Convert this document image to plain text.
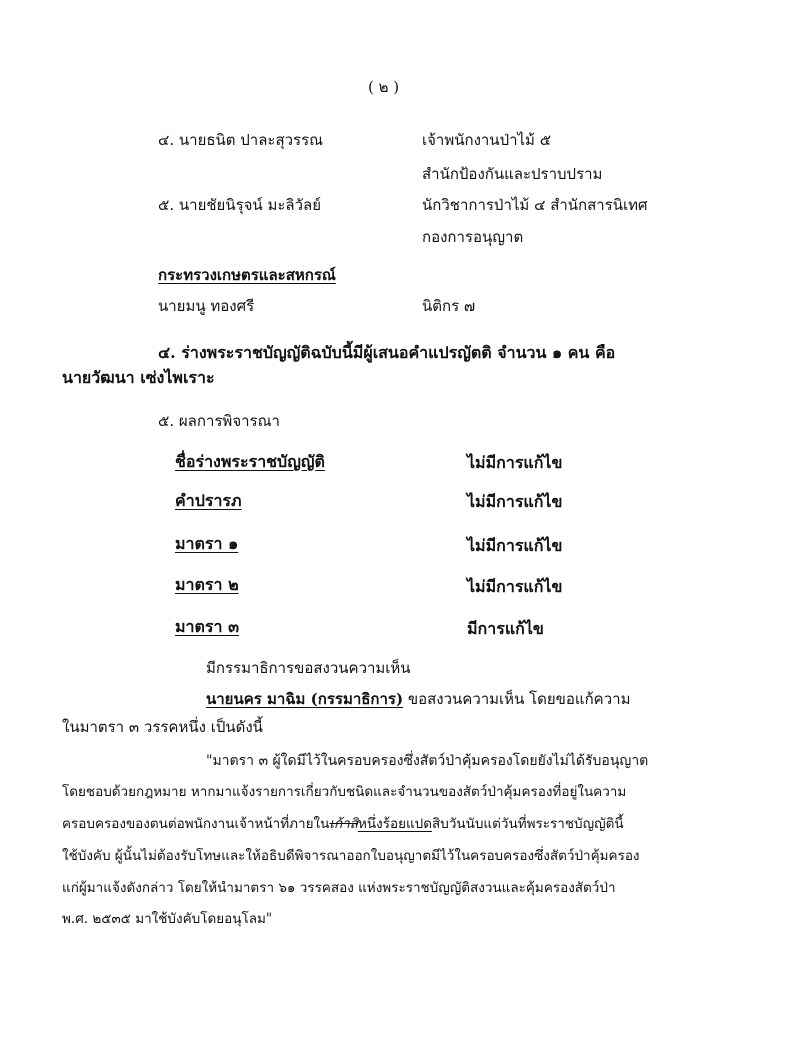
( ๒ )
๔. นายธนิต ปาละสุวรรณ	เจ้าพนักงานป่าไม้ ๕
สำนักป้องกันและปราบปราม
๕. นายชัยนิรุจน์ มะลิวัลย์	นักวิชาการป่าไม้ ๔ สำนักสารนิเทศ
กองการอนุญาต
กระทรวงเกษตรและสหกรณ์
นายมนู ทองศรี	นิติกร ๗
๔. ร่างพระราชบัญญัติฉบับนี้มีผู้เสนอคำแปรญัตติ จำนวน ๑ คน คือ
นายวัฒนา เซ่งไพเราะ
๕. ผลการพิจารณา
ชื่อร่างพระราชบัญญัติ	ไม่มีการแก้ไข
คำปรารภ	ไม่มีการแก้ไข
มาตรา ๑	ไม่มีการแก้ไข
มาตรา ๒	ไม่มีการแก้ไข
มาตรา ๓	มีการแก้ไข
มีกรรมาธิการขอสงวนความเห็น
นายนคร มาฉิม (กรรมาธิการ) ขอสงวนความเห็น โดยขอแก้ความ
ในมาตรา ๓ วรรคหนึ่ง เป็นดังนี้
"มาตรา ๓ ผู้ใดมีไว้ในครอบครองซึ่งสัตว์ป่าคุ้มครองโดยยังไม่ได้รับอนุญาต
โดยชอบด้วยกฎหมาย หากมาแจ้งรายการเกี่ยวกับชนิดและจำนวนของสัตว์ป่าคุ้มครองที่อยู่ในความ
ครอบครองของตนต่อพนักงานเจ้าหน้าที่ภายในเก้าสิหนึ่งร้อยแปดสิบวันนับแต่วันที่พระราชบัญญัตินี้
ใช้บังคับ ผู้นั้นไม่ต้องรับโทษและให้อธิบดีพิจารณาออกใบอนุญาตมีไว้ในครอบครองซึ่งสัตว์ป่าคุ้มครอง
แก่ผู้มาแจ้งดังกล่าว โดยให้นำมาตรา ๖๑ วรรคสอง แห่งพระราชบัญญัติสงวนและคุ้มครองสัตว์ป่า
พ.ศ. ๒๕๓๕ มาใช้บังคับโดยอนุโลม"
